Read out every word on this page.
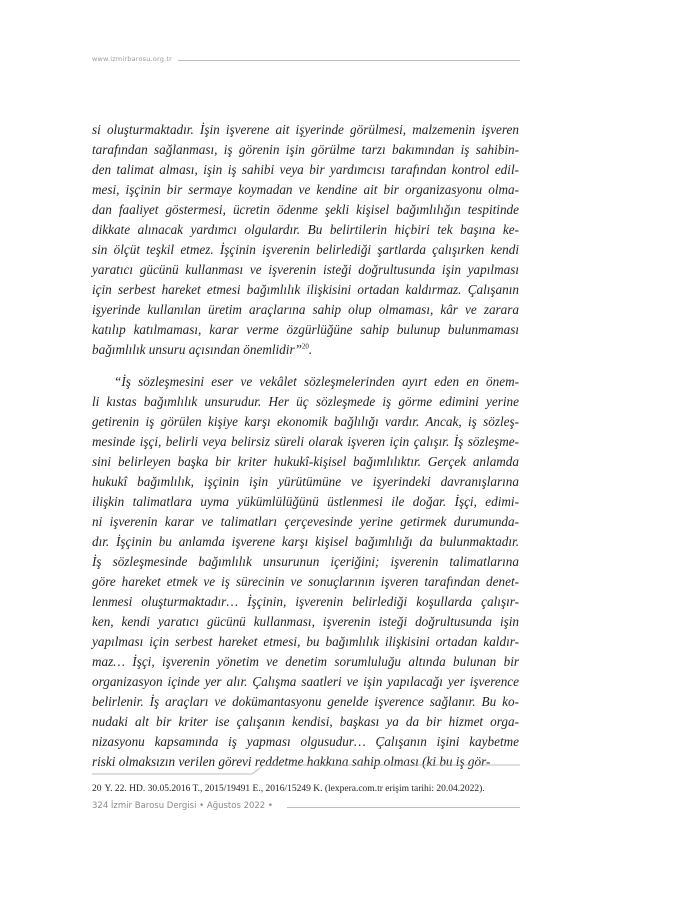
www.izmirbarosu.org.tr
si oluşturmaktadır. İşin işverene ait işyerinde görülmesi, malzemenin işveren
tarafından sağlanması, iş görenin işin görülme tarzı bakımından iş sahibin-
den talimat alması, işin iş sahibi veya bir yardımcısı tarafından kontrol edil-
mesi, işçinin bir sermaye koymadan ve kendine ait bir organizasyonu olma-
dan faaliyet göstermesi, ücretin ödenme şekli kişisel bağımlılığın tespitinde
dikkate alınacak yardımcı olgulardır. Bu belirtilerin hiçbiri tek başına ke-
sin ölçüt teşkil etmez. İşçinin işverenin belirlediği şartlarda çalışırken kendi
yaratıcı gücünü kullanması ve işverenin isteği doğrultusunda işin yapılması
için serbest hareket etmesi bağımlılık ilişkisini ortadan kaldırmaz. Çalışanın
işyerinde kullanılan üretim araçlarına sahip olup olmaması, kâr ve zarara
katılıp katılmaması, karar verme özgürlüğüne sahip bulunup bulunmaması
bağımlılık unsuru açısından önemlidir”$^{20}$.
“İş sözleşmesini eser ve vekâlet sözleşmelerinden ayırt eden en önem-
li kıstas bağımlılık unsurudur. Her üç sözleşmede iş görme edimini yerine
getirenin iş görülen kişiye karşı ekonomik bağlılığı vardır. Ancak, iş sözleş-
mesinde işçi, belirli veya belirsiz süreli olarak işveren için çalışır. İş sözleşme-
sini belirleyen başka bir kriter hukukî-kişisel bağımlılıktır. Gerçek anlamda
hukukî bağımlılık, işçinin işin yürütümüne ve işyerindeki davranışlarına
ilişkin talimatlara uyma yükümlülüğünü üstlenmesi ile doğar. İşçi, edimi-
ni işverenin karar ve talimatları çerçevesinde yerine getirmek durumunda-
dır. İşçinin bu anlamda işverene karşı kişisel bağımlılığı da bulunmaktadır.
İş sözleşmesinde bağımlılık unsurunun içeriğini; işverenin talimatlarına
göre hareket etmek ve iş sürecinin ve sonuçlarının işveren tarafından denet-
lenmesi oluşturmaktadır… İşçinin, işverenin belirlediği koşullarda çalışır-
ken, kendi yaratıcı gücünü kullanması, işverenin isteği doğrultusunda işin
yapılması için serbest hareket etmesi, bu bağımlılık ilişkisini ortadan kaldır-
maz… İşçi, işverenin yönetim ve denetim sorumluluğu altında bulunan bir
organizasyon içinde yer alır. Çalışma saatleri ve işin yapılacağı yer işverence
belirlenir. İş araçları ve dokümantasyonu genelde işverence sağlanır. Bu ko-
nudaki alt bir kriter ise çalışanın kendisi, başkası ya da bir hizmet orga-
nizasyonu kapsamında iş yapması olgusudur… Çalışanın işini kaybetme
riski olmaksızın verilen görevi reddetme hakkına sahip olması (ki bu iş gör-
20 Y. 22. HD. 30.05.2016 T., 2015/19491 E., 2016/15249 K. (lexpera.com.tr erişim tarihi: 20.04.2022).
324 İzmir Barosu Dergisi • Ağustos 2022 •
